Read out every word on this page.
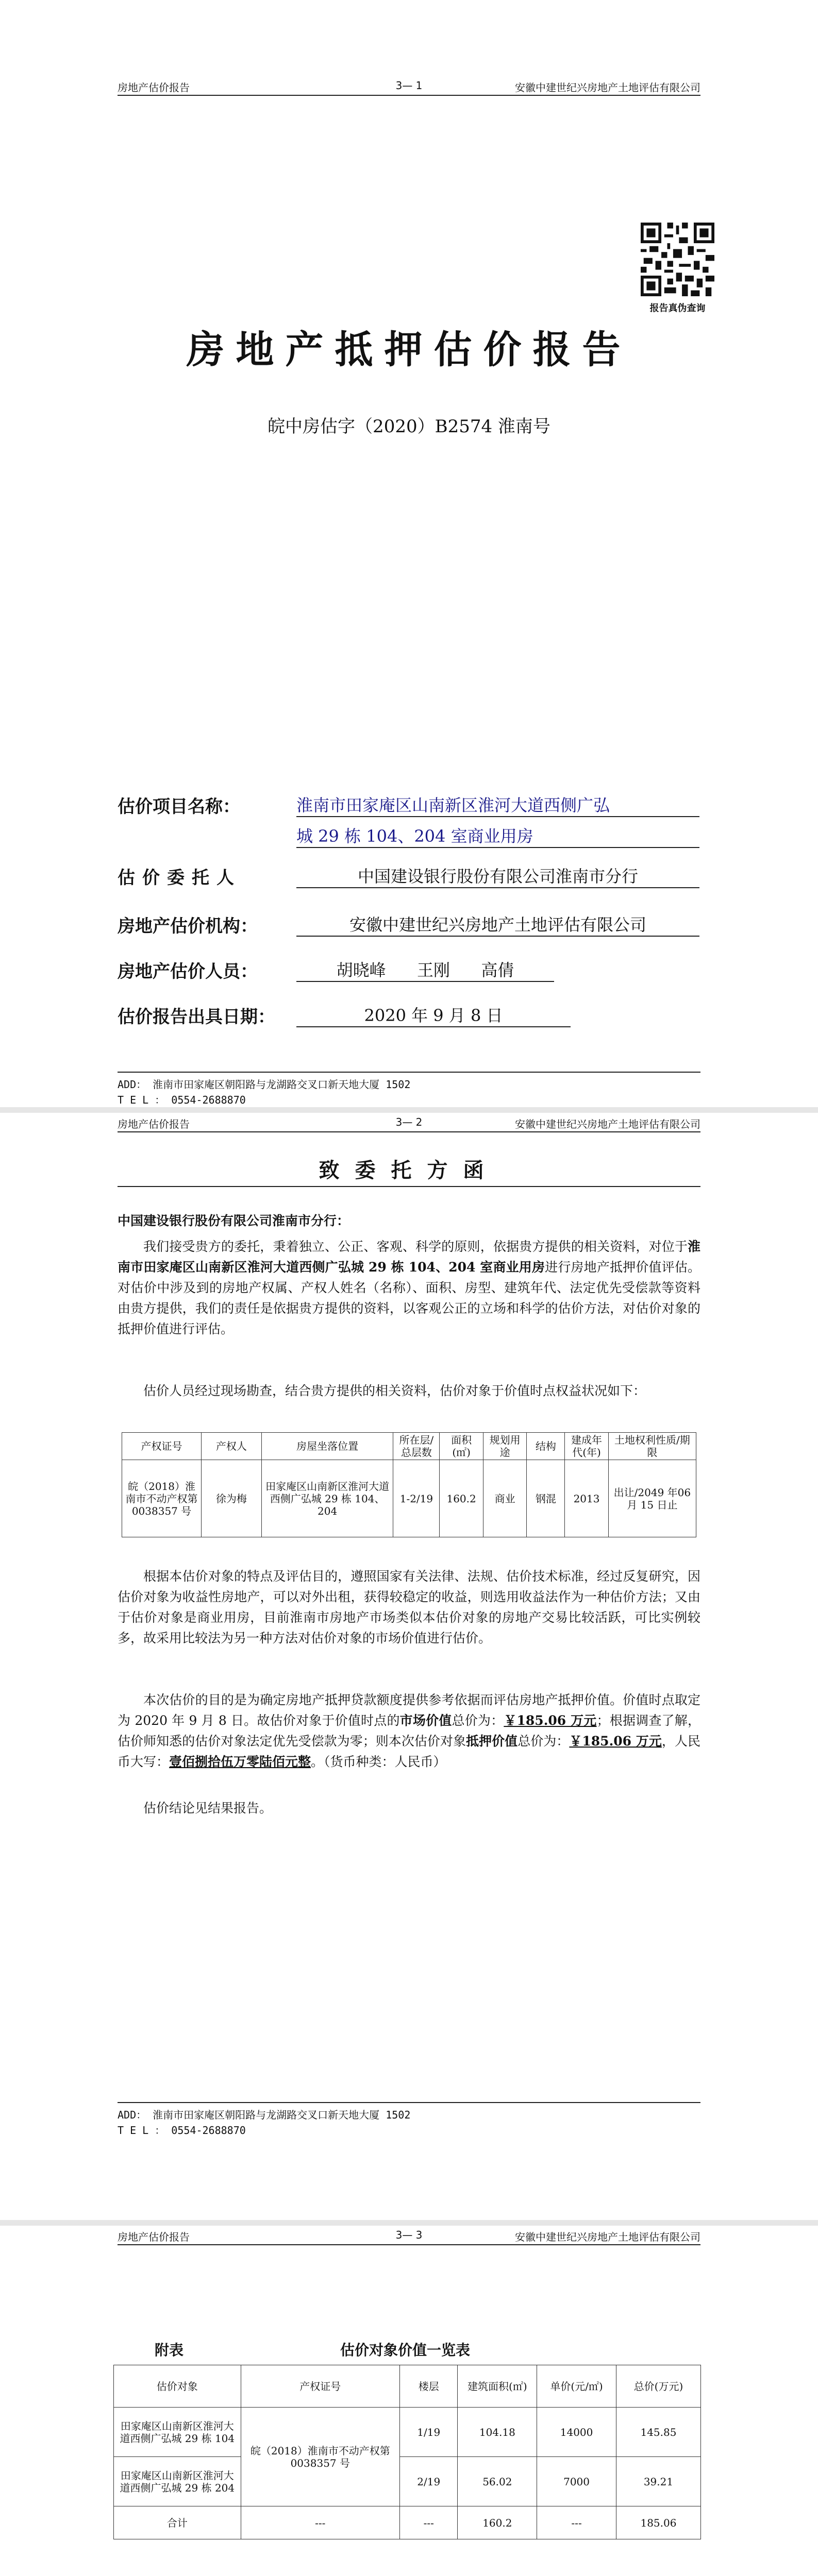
房地产估价报告	3— 1	安徽中建世纪兴房地产土地评估有限公司
报告真伪查询
房地产抵押估价报告
皖中房估字（2020）B2574 淮南号
估价项目名称：	淮南市田家庵区山南新区淮河大道西侧广弘
城 29 栋 104、204 室商业用房
估价委托人	中国建设银行股份有限公司淮南市分行
房地产估价机构：	安徽中建世纪兴房地产土地评估有限公司
房地产估价人员：	胡晓峰 王刚 高倩
估价报告出具日期：	2020 年 9 月 8 日
ADD： 淮南市田家庵区朝阳路与龙湖路交叉口新天地大厦 1502
T E L ： 0554-2688870
房地产估价报告	3— 2	安徽中建世纪兴房地产土地评估有限公司
致委托方函
中国建设银行股份有限公司淮南市分行：
我们接受贵方的委托，秉着独立、公正、客观、科学的原则，依据贵方提供的相关资料，对位于淮南市田家庵区山南新区淮河大道西侧广弘城 29 栋 104、204 室商业用房进行房地产抵押价值评估。对估价中涉及到的房地产权属、产权人姓名（名称）、面积、房型、建筑年代、法定优先受偿款等资料由贵方提供，我们的责任是依据贵方提供的资料，以客观公正的立场和科学的估价方法，对估价对象的抵押价值进行评估。
估价人员经过现场勘查，结合贵方提供的相关资料，估价对象于价值时点权益状况如下：
产权证号	产权人	房屋坐落位置	所在层/总层数	面积(㎡)	规划用途	结构	建成年代(年)	土地权利性质/期限
皖（2018）淮南市不动产权第0038357 号	徐为梅	田家庵区山南新区淮河大道西侧广弘城 29 栋 104、204	1-2/19	160.2	商业	钢混	2013	出让/2049 年06 月 15 日止
根据本估价对象的特点及评估目的，遵照国家有关法律、法规、估价技术标准，经过反复研究，因估价对象为收益性房地产，可以对外出租，获得较稳定的收益，则选用收益法作为一种估价方法；又由于估价对象是商业用房，目前淮南市房地产市场类似本估价对象的房地产交易比较活跃，可比实例较多，故采用比较法为另一种方法对估价对象的市场价值进行估价。
本次估价的目的是为确定房地产抵押贷款额度提供参考依据而评估房地产抵押价值。价值时点取定为 2020 年 9 月 8 日。故估价对象于价值时点的市场价值总价为：￥185.06 万元；根据调查了解，估价师知悉的估价对象法定优先受偿款为零；则本次估价对象抵押价值总价为：￥185.06 万元，人民币大写：壹佰捌拾伍万零陆佰元整。（货币种类：人民币）
估价结论见结果报告。
ADD： 淮南市田家庵区朝阳路与龙湖路交叉口新天地大厦 1502
T E L ： 0554-2688870
房地产估价报告	3— 3	安徽中建世纪兴房地产土地评估有限公司
附表	估价对象价值一览表
估价对象	产权证号	楼层	建筑面积(㎡)	单价(元/㎡)	总价(万元)
田家庵区山南新区淮河大道西侧广弘城 29 栋 104	皖（2018）淮南市不动产权第 0038357 号	1/19	104.18	14000	145.85
田家庵区山南新区淮河大道西侧广弘城 29 栋 204		2/19	56.02	7000	39.21
合计	---	---	160.2	---	185.06
